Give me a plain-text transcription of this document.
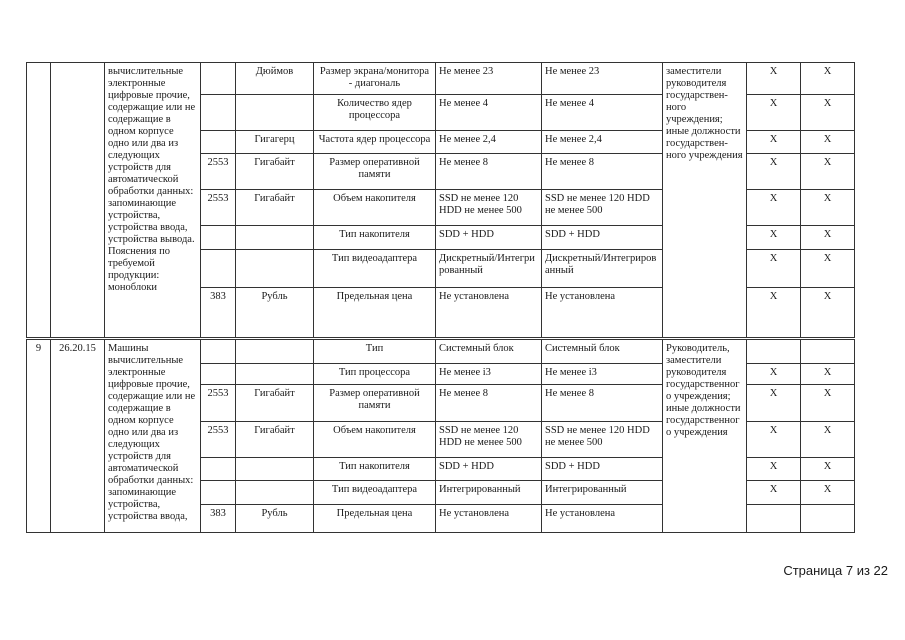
		вычислительные электронные цифровые прочие, содержащие или не содержащие в одном корпусе одно или два из следующих устройств для автоматической обработки данных: запоминающие устройства, устройства ввода, устройства вывода. Пояснения по требуемой продукции: моноблоки		Дюймов	Размер экрана/монитора - диагональ	Не менее 23	Не менее 23	заместители руководителя государствен-ного учреждения; иные должности государствен-ного учреждения	X	X
					Количество ядер процессора	Не менее 4	Не менее 4		X	X
				Гигагерц	Частота ядер процессора	Не менее 2,4	Не менее 2,4		X	X
			2553	Гигабайт	Размер оперативной памяти	Не менее 8	Не менее 8		X	X
			2553	Гигабайт	Объем накопителя	SSD не менее 120 HDD не менее 500	SSD не менее 120 HDD не менее 500		X	X
					Тип накопителя	SDD + HDD	SDD + HDD		X	X
					Тип видеоадаптера	Дискретный/Интегри рованный	Дискретный/Интегриров анный		X	X
			383	Рубль	Предельная цена	Не установлена	Не установлена		X	X
9	26.20.15	Машины вычислительные электронные цифровые прочие, содержащие или не содержащие в одном корпусе одно или два из следующих устройств для автоматической обработки данных: запоминающие устройства, устройства ввода,			Тип	Системный блок	Системный блок	Руководитель, заместители руководителя государственног о учреждения; иные должности государственног о учреждения		
					Тип процессора	Не менее i3	Не менее i3		X	X
			2553	Гигабайт	Размер оперативной памяти	Не менее 8	Не менее 8		X	X
			2553	Гигабайт	Объем накопителя	SSD не менее 120 HDD не менее 500	SSD не менее 120 HDD не менее 500		X	X
					Тип накопителя	SDD + HDD	SDD + HDD		X	X
					Тип видеоадаптера	Интегрированный	Интегрированный		X	X
			383	Рубль	Предельная цена	Не установлена	Не установлена			
Страница 7 из 22
